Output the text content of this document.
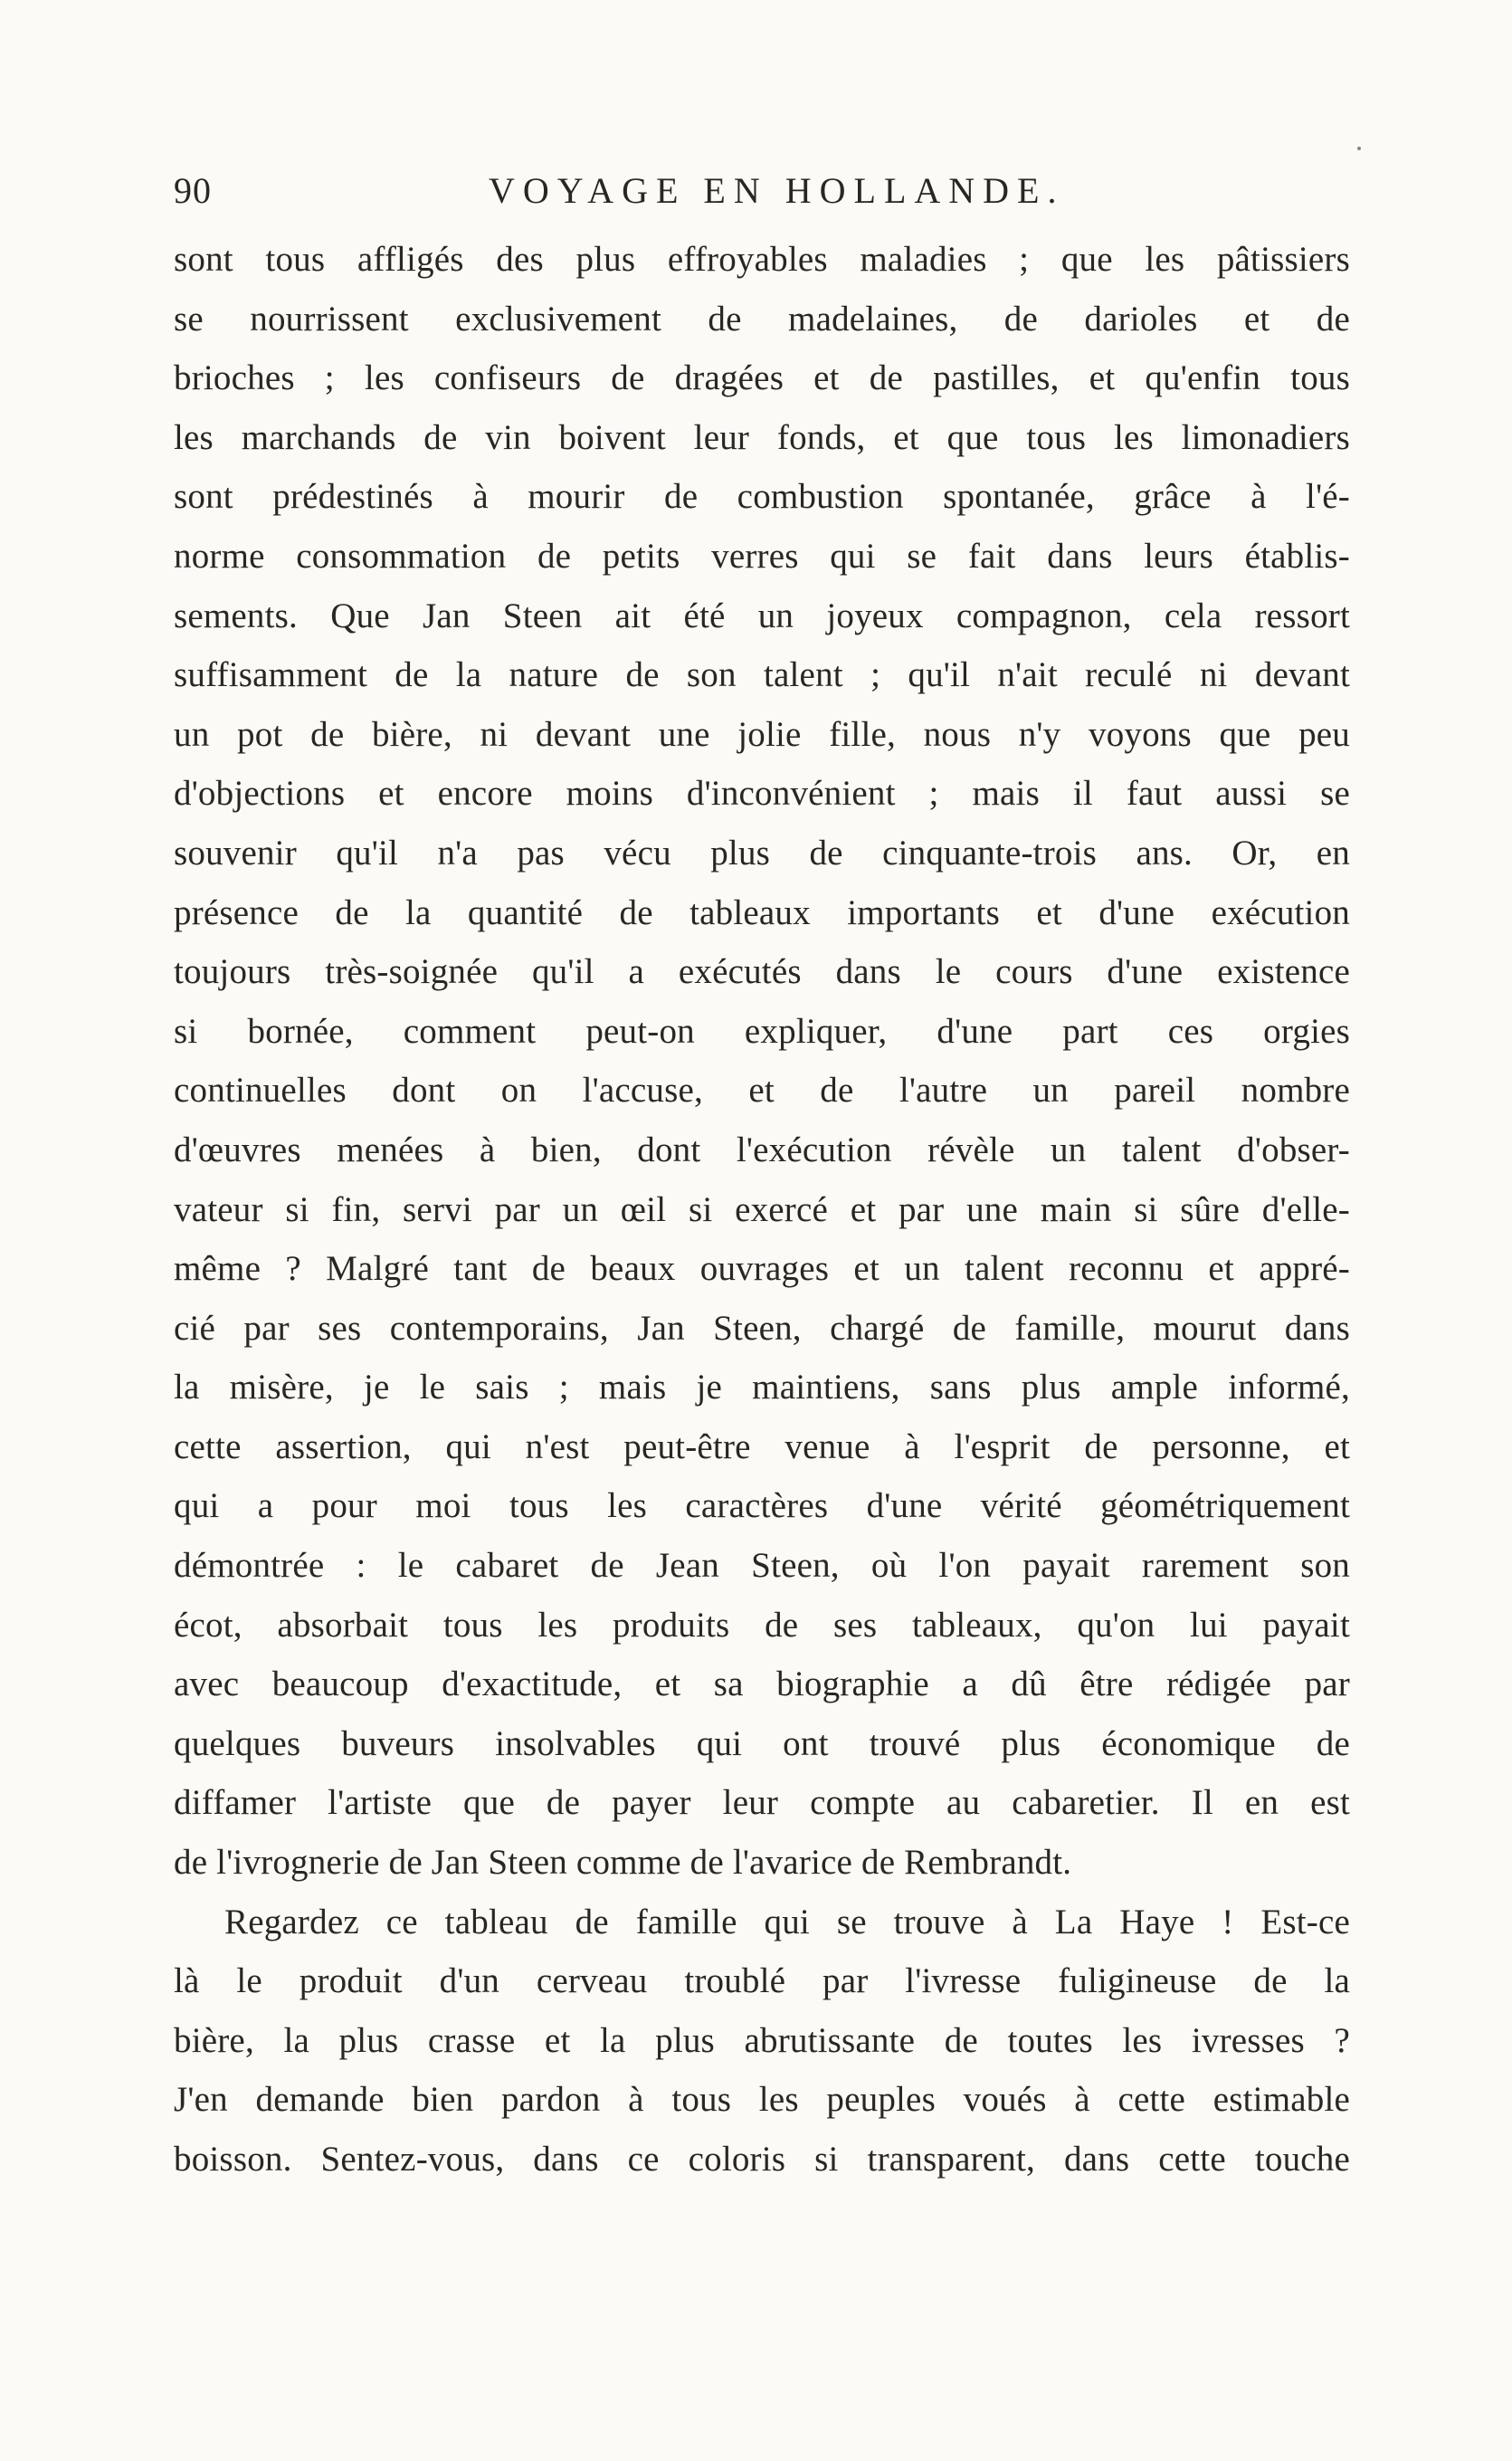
90	VOYAGE EN HOLLANDE.
sont tous affligés des plus effroyables maladies ; que les pâtissiers
se nourrissent exclusivement de madelaines, de darioles et de
brioches ; les confiseurs de dragées et de pastilles, et qu'enfin tous
les marchands de vin boivent leur fonds, et que tous les limonadiers
sont prédestinés à mourir de combustion spontanée, grâce à l'é-
norme consommation de petits verres qui se fait dans leurs établis-
sements. Que Jan Steen ait été un joyeux compagnon, cela ressort
suffisamment de la nature de son talent ; qu'il n'ait reculé ni devant
un pot de bière, ni devant une jolie fille, nous n'y voyons que peu
d'objections et encore moins d'inconvénient ; mais il faut aussi se
souvenir qu'il n'a pas vécu plus de cinquante-trois ans. Or, en
présence de la quantité de tableaux importants et d'une exécution
toujours très-soignée qu'il a exécutés dans le cours d'une existence
si bornée, comment peut-on expliquer, d'une part ces orgies
continuelles dont on l'accuse, et de l'autre un pareil nombre
d'œuvres menées à bien, dont l'exécution révèle un talent d'obser-
vateur si fin, servi par un œil si exercé et par une main si sûre d'elle-
même ? Malgré tant de beaux ouvrages et un talent reconnu et appré-
cié par ses contemporains, Jan Steen, chargé de famille, mourut dans
la misère, je le sais ; mais je maintiens, sans plus ample informé,
cette assertion, qui n'est peut-être venue à l'esprit de personne, et
qui a pour moi tous les caractères d'une vérité géométriquement
démontrée : le cabaret de Jean Steen, où l'on payait rarement son
écot, absorbait tous les produits de ses tableaux, qu'on lui payait
avec beaucoup d'exactitude, et sa biographie a dû être rédigée par
quelques buveurs insolvables qui ont trouvé plus économique de
diffamer l'artiste que de payer leur compte au cabaretier. Il en est
de l'ivrognerie de Jan Steen comme de l'avarice de Rembrandt.
Regardez ce tableau de famille qui se trouve à La Haye ! Est-ce
là le produit d'un cerveau troublé par l'ivresse fuligineuse de la
bière, la plus crasse et la plus abrutissante de toutes les ivresses ?
J'en demande bien pardon à tous les peuples voués à cette estimable
boisson. Sentez-vous, dans ce coloris si transparent, dans cette touche
